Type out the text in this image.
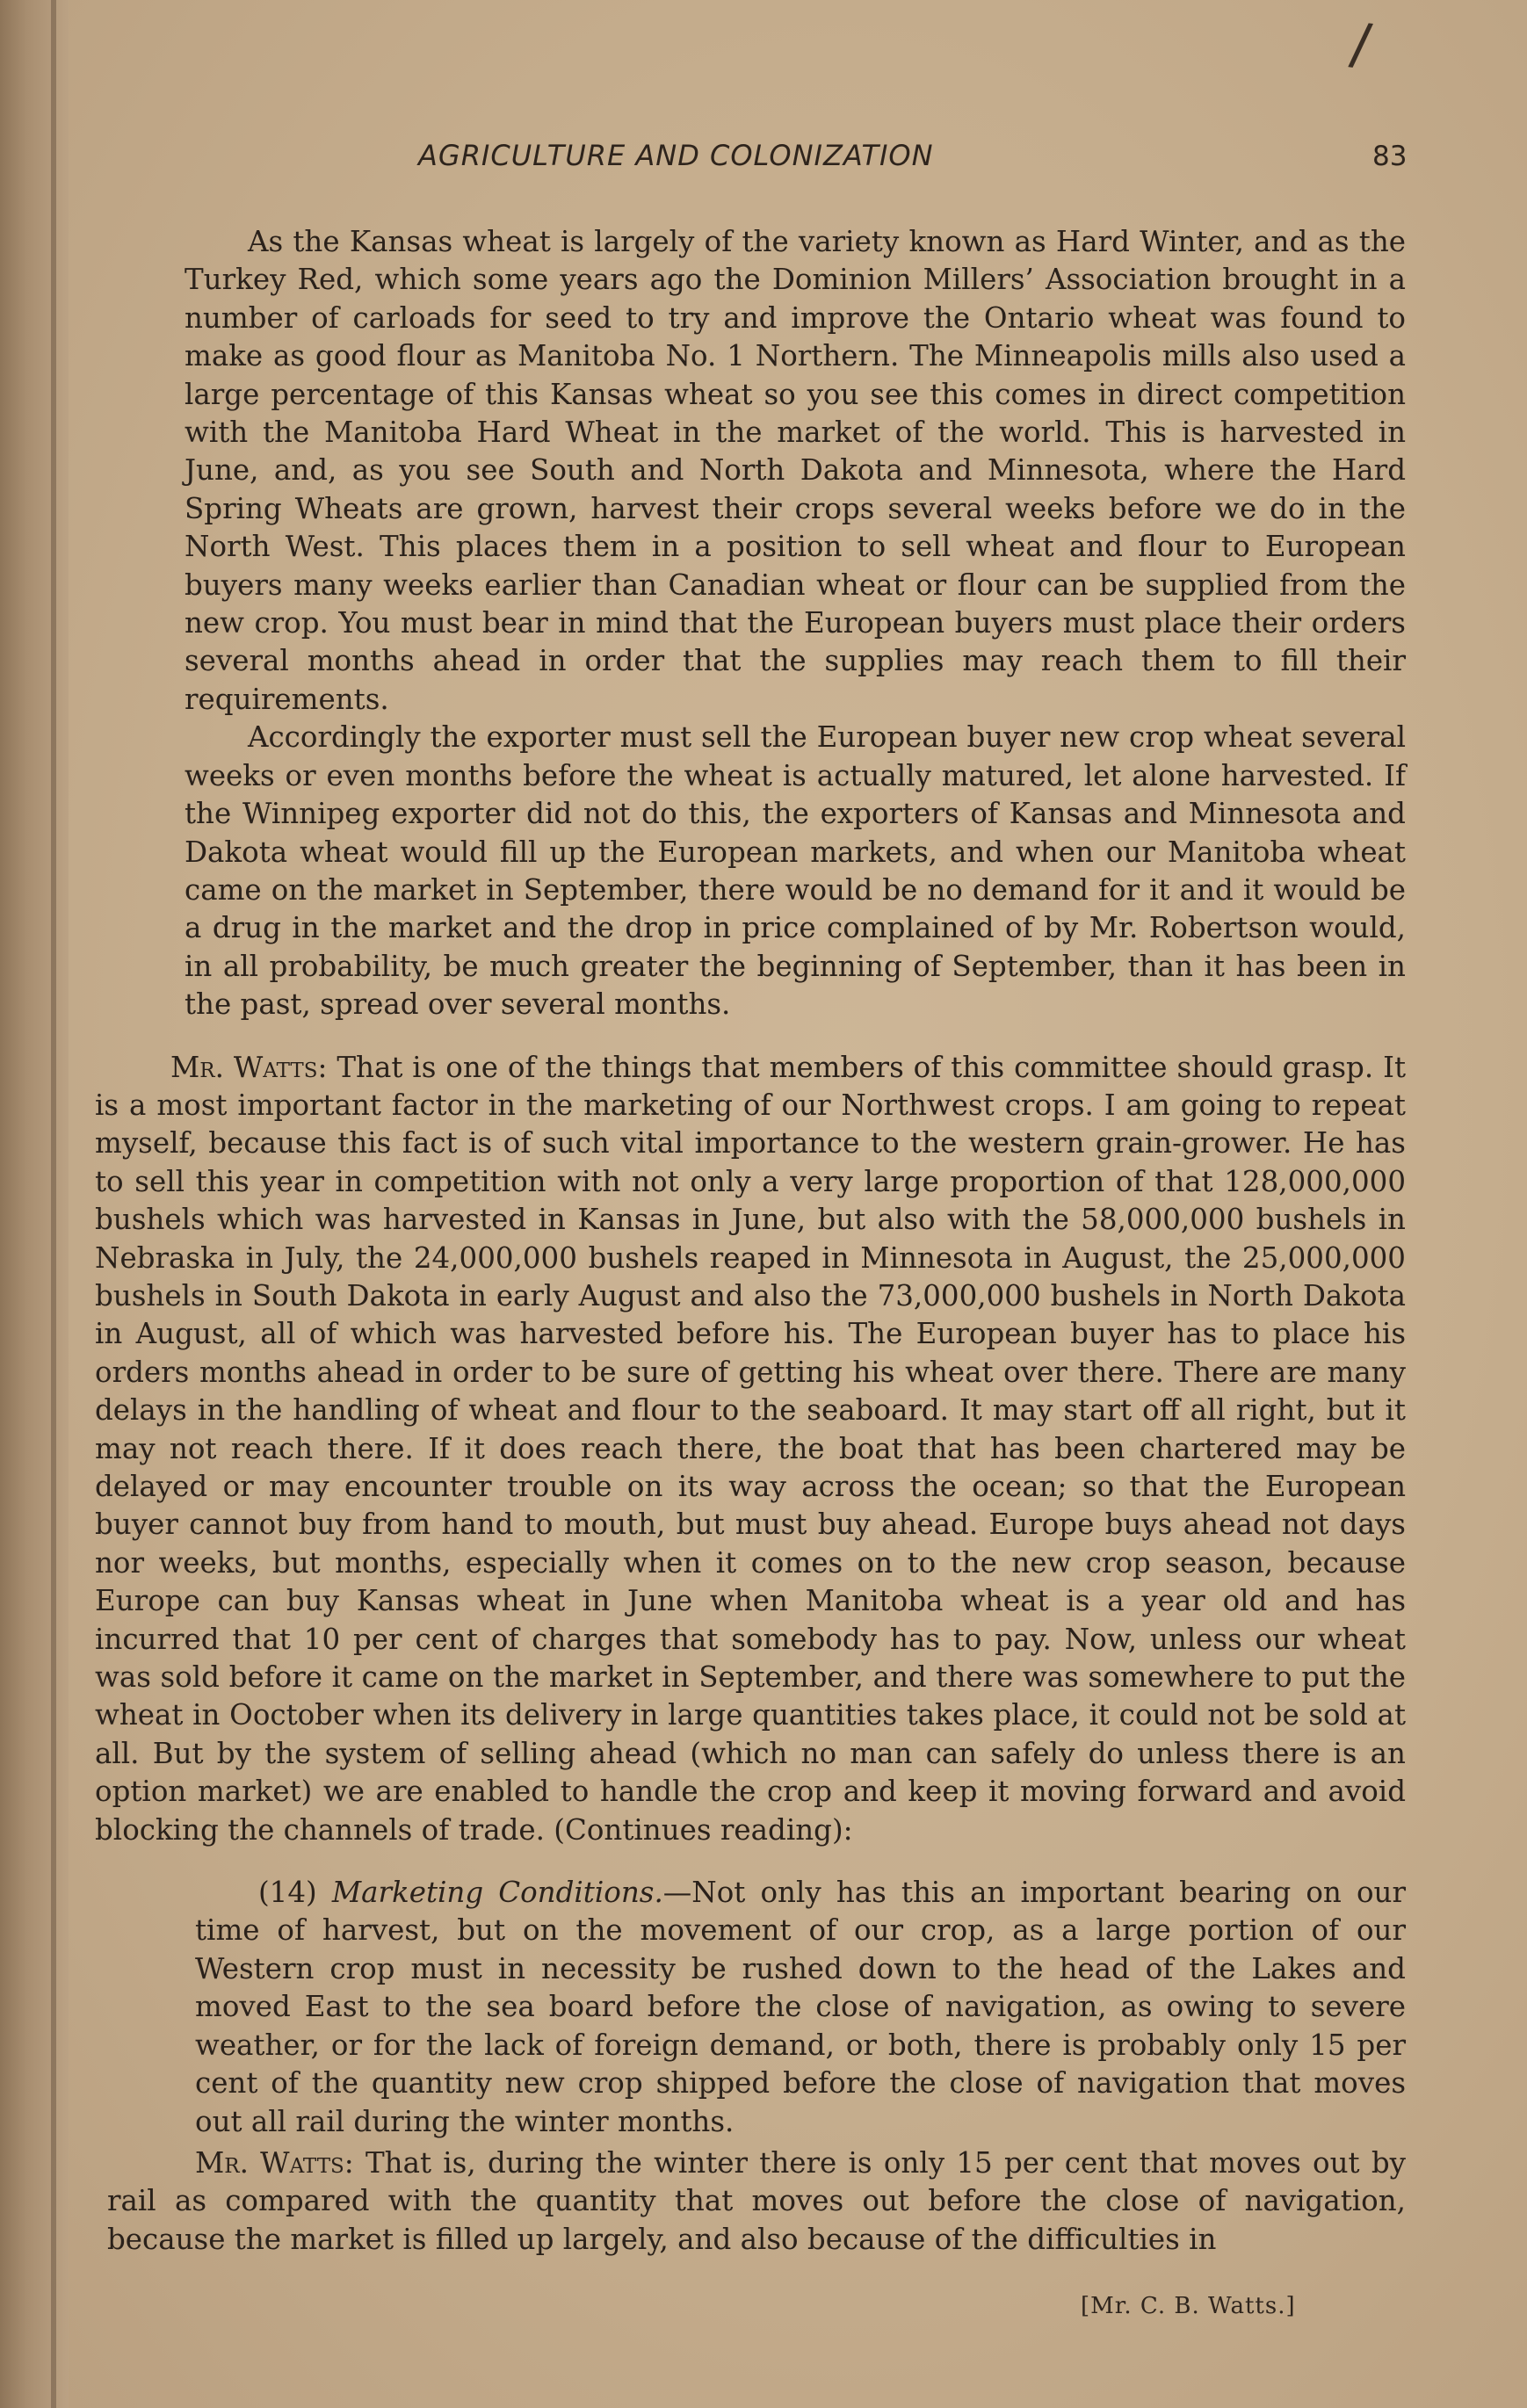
/
AGRICULTURE AND COLONIZATION	83

As the Kansas wheat is largely of the variety known as Hard Winter, and as the Turkey Red, which some years ago the Dominion Millers’ Association brought in a number of carloads for seed to try and improve the Ontario wheat was found to make as good flour as Manitoba No. 1 Northern. The Minneapolis mills also used a large percentage of this Kansas wheat so you see this comes in direct competition with the Manitoba Hard Wheat in the market of the world. This is harvested in June, and, as you see South and North Dakota and Minnesota, where the Hard Spring Wheats are grown, harvest their crops several weeks before we do in the North West. This places them in a position to sell wheat and flour to European buyers many weeks earlier than Canadian wheat or flour can be supplied from the new crop. You must bear in mind that the European buyers must place their orders several months ahead in order that the supplies may reach them to fill their requirements.

Accordingly the exporter must sell the European buyer new crop wheat several weeks or even months before the wheat is actually matured, let alone harvested. If the Winnipeg exporter did not do this, the exporters of Kansas and Minnesota and Dakota wheat would fill up the European markets, and when our Manitoba wheat came on the market in September, there would be no demand for it and it would be a drug in the market and the drop in price complained of by Mr. Robertson would, in all probability, be much greater the beginning of September, than it has been in the past, spread over several months.

Mr. Watts: That is one of the things that members of this committee should grasp. It is a most important factor in the marketing of our Northwest crops. I am going to repeat myself, because this fact is of such vital importance to the western grain-grower. He has to sell this year in competition with not only a very large proportion of that 128,000,000 bushels which was harvested in Kansas in June, but also with the 58,000,000 bushels in Nebraska in July, the 24,000,000 bushels reaped in Minnesota in August, the 25,000,000 bushels in South Dakota in early August and also the 73,000,000 bushels in North Dakota in August, all of which was harvested before his. The European buyer has to place his orders months ahead in order to be sure of getting his wheat over there. There are many delays in the handling of wheat and flour to the seaboard. It may start off all right, but it may not reach there. If it does reach there, the boat that has been chartered may be delayed or may encounter trouble on its way across the ocean; so that the European buyer cannot buy from hand to mouth, but must buy ahead. Europe buys ahead not days nor weeks, but months, especially when it comes on to the new crop season, because Europe can buy Kansas wheat in June when Manitoba wheat is a year old and has incurred that 10 per cent of charges that somebody has to pay. Now, unless our wheat was sold before it came on the market in September, and there was somewhere to put the wheat in Ooctober when its delivery in large quantities takes place, it could not be sold at all. But by the system of selling ahead (which no man can safely do unless there is an option market) we are enabled to handle the crop and keep it moving forward and avoid blocking the channels of trade. (Continues reading):

(14) Marketing Conditions.—Not only has this an important bearing on our time of harvest, but on the movement of our crop, as a large portion of our Western crop must in necessity be rushed down to the head of the Lakes and moved East to the sea board before the close of navigation, as owing to severe weather, or for the lack of foreign demand, or both, there is probably only 15 per cent of the quantity new crop shipped before the close of navigation that moves out all rail during the winter months.

Mr. Watts: That is, during the winter there is only 15 per cent that moves out by rail as compared with the quantity that moves out before the close of navigation, because the market is filled up largely, and also because of the difficulties in

[Mr. C. B. Watts.]
